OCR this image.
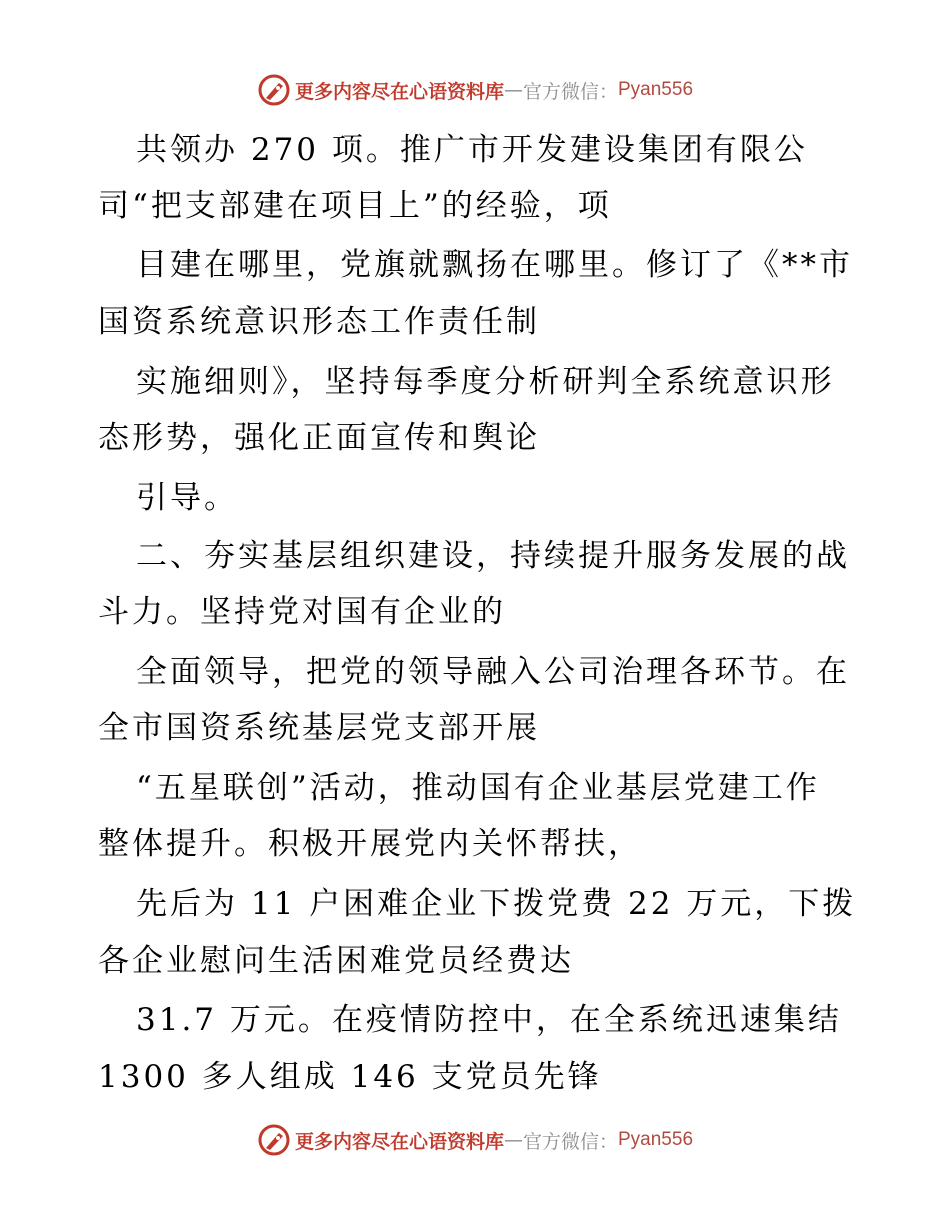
更多内容尽在心语资料库 — 官方微信： Pyan556
共领办 270 项。推广市开发建设集团有限公
司“把支部建在项目上”的经验，项
目建在哪里，党旗就飘扬在哪里。修订了《**市
国资系统意识形态工作责任制
实施细则》，坚持每季度分析研判全系统意识形
态形势，强化正面宣传和舆论
引导。
二、夯实基层组织建设，持续提升服务发展的战
斗力。坚持党对国有企业的
全面领导，把党的领导融入公司治理各环节。在
全市国资系统基层党支部开展
“五星联创”活动，推动国有企业基层党建工作
整体提升。积极开展党内关怀帮扶，
先后为 11 户困难企业下拨党费 22 万元，下拨
各企业慰问生活困难党员经费达
31.7 万元。在疫情防控中，在全系统迅速集结
1300 多人组成 146 支党员先锋
更多内容尽在心语资料库 — 官方微信： Pyan556
